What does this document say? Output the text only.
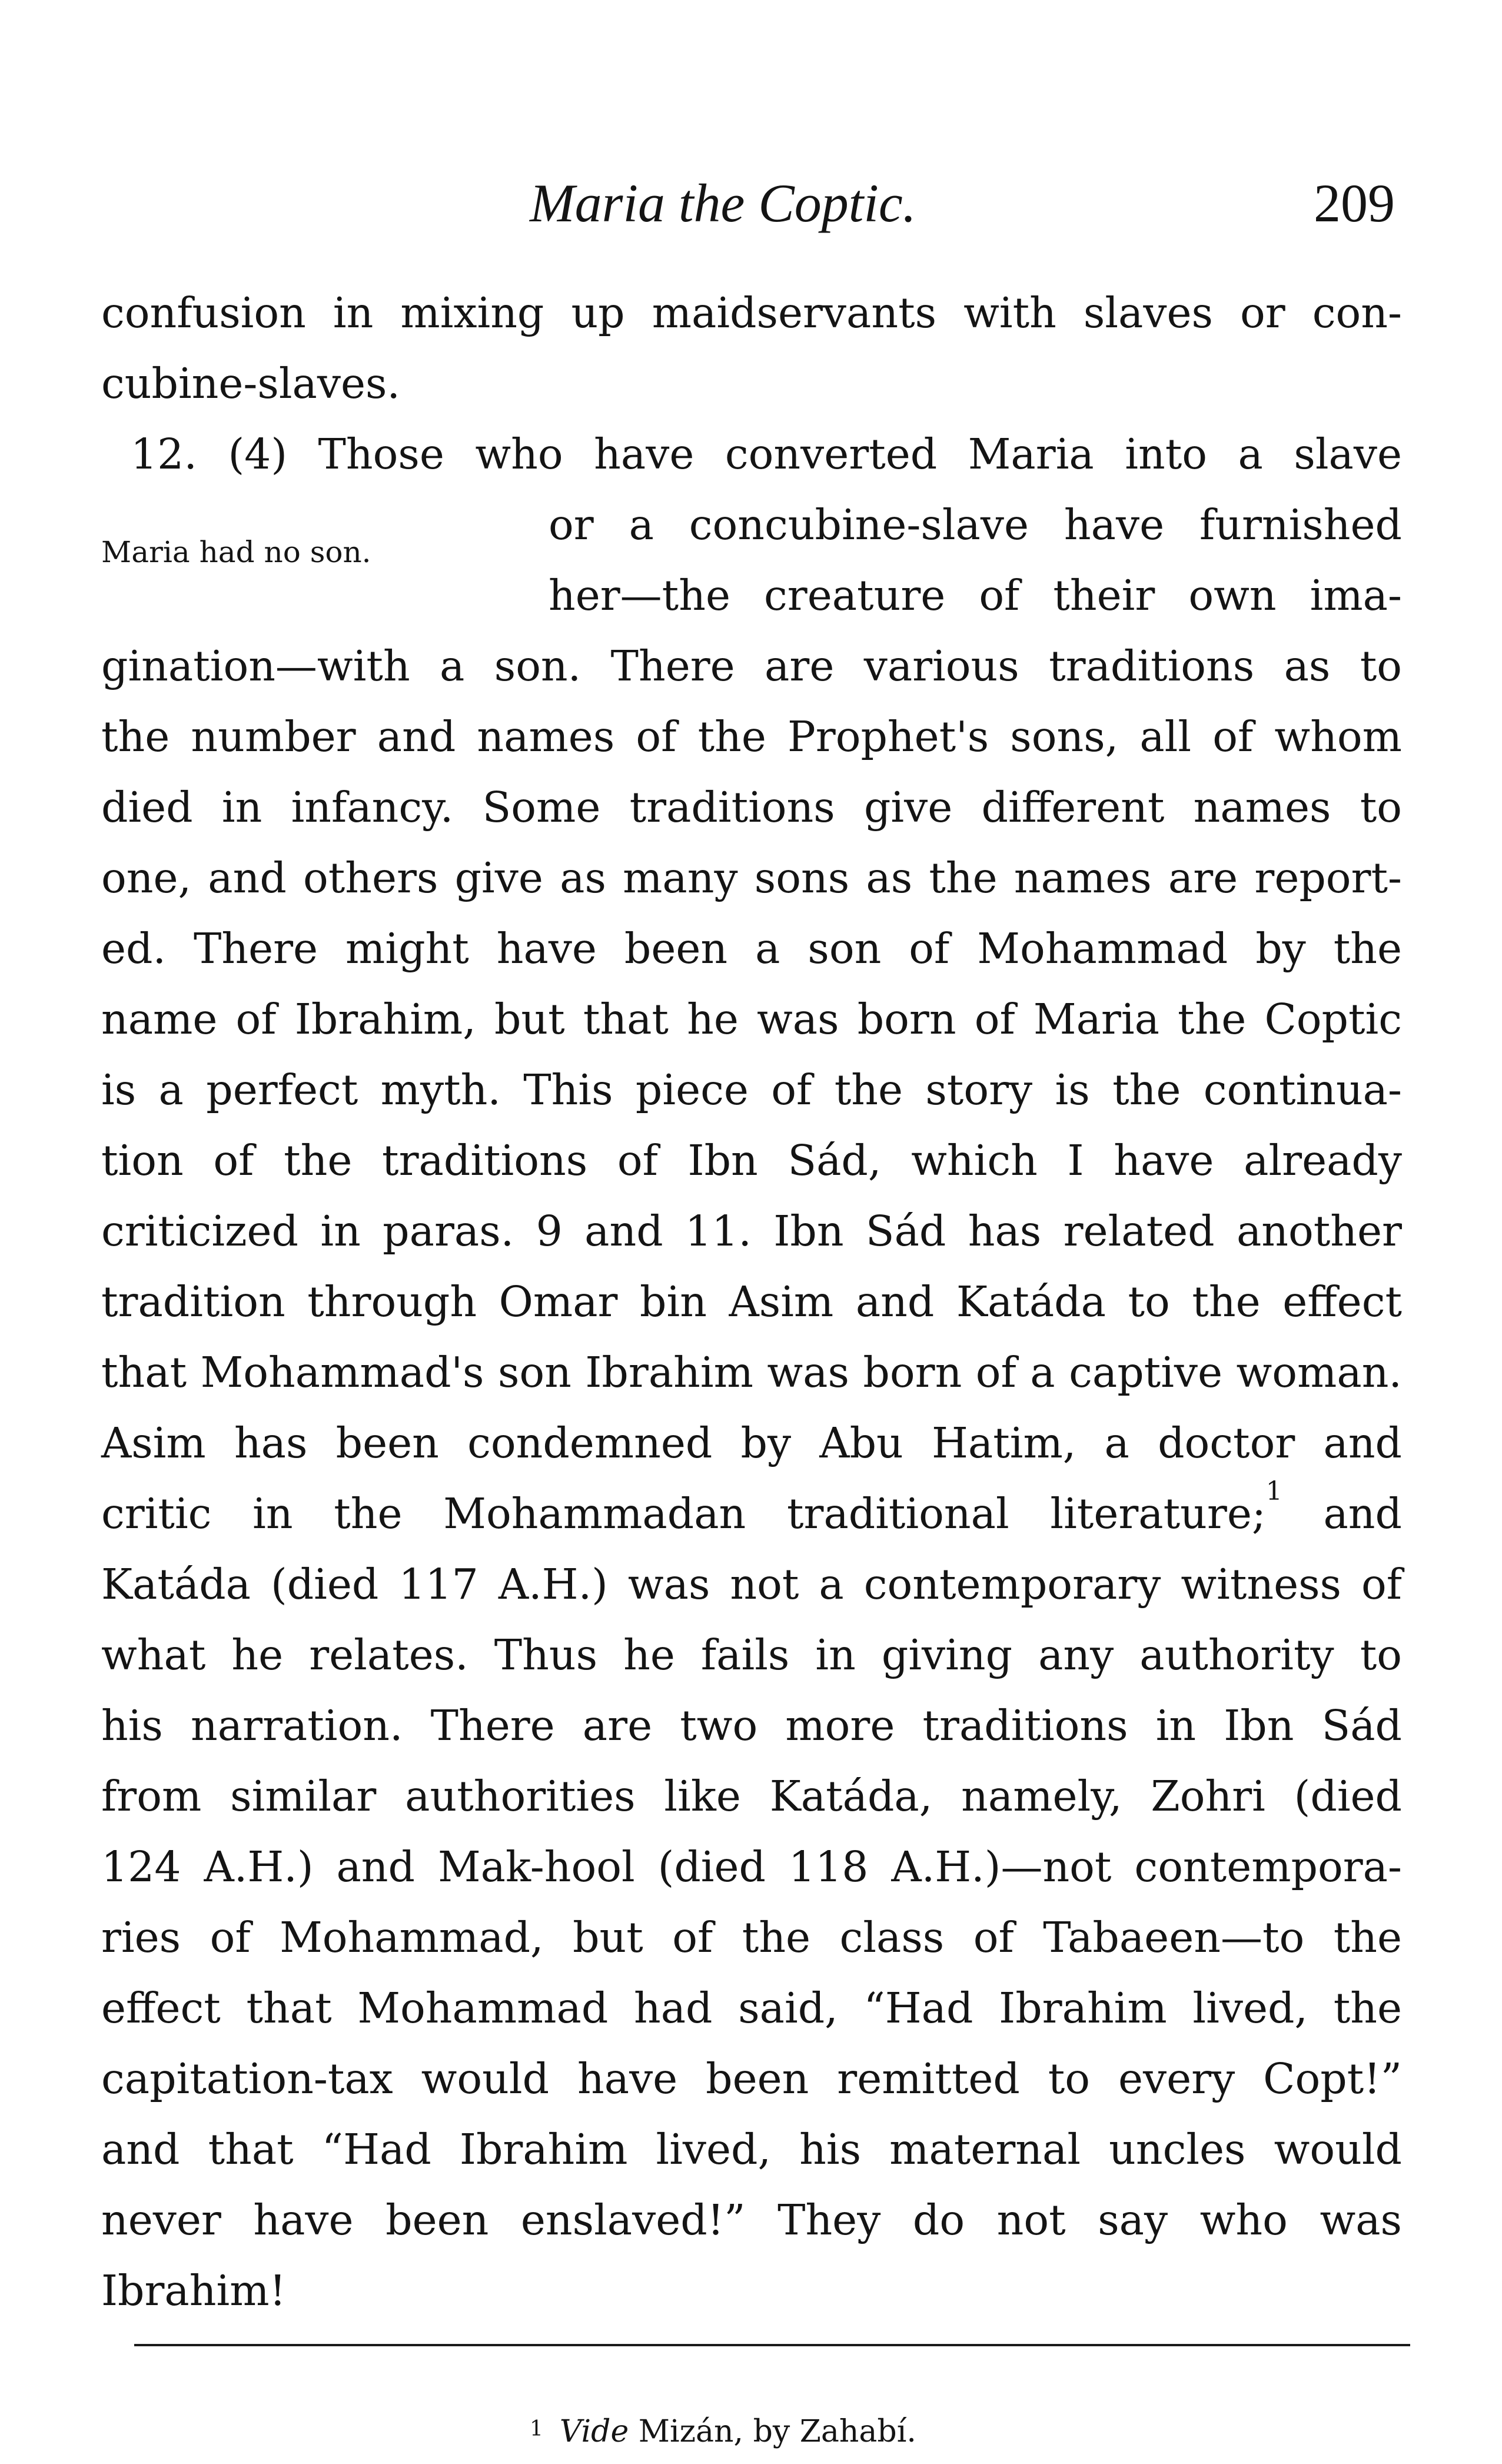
Maria the Coptic.	209
Maria had no son.
confusion in mixing up maidservants with slaves or con-
cubine-slaves.
12. (4) Those who have converted Maria into a slave
or a concubine-slave have furnished
her—the creature of their own ima-
gination—with a son. There are various traditions as to
the number and names of the Prophet's sons, all of whom
died in infancy. Some traditions give different names to
one, and others give as many sons as the names are report-
ed. There might have been a son of Mohammad by the
name of Ibrahim, but that he was born of Maria the Coptic
is a perfect myth. This piece of the story is the continua-
tion of the traditions of Ibn Sád, which I have already
criticized in paras. 9 and 11. Ibn Sád has related another
tradition through Omar bin Asim and Katáda to the effect
that Mohammad's son Ibrahim was born of a captive woman.
Asim has been condemned by Abu Hatim, a doctor and
critic in the Mohammadan traditional literature;$^1$ and
Katáda (died 117 A.H.) was not a contemporary witness of
what he relates. Thus he fails in giving any authority to
his narration. There are two more traditions in Ibn Sád
from similar authorities like Katáda, namely, Zohri (died
124 A.H.) and Mak-hool (died 118 A.H.)—not contempora-
ries of Mohammad, but of the class of Tabaeen—to the
effect that Mohammad had said, “Had Ibrahim lived, the
capitation-tax would have been remitted to every Copt!”
and that “Had Ibrahim lived, his maternal uncles would
never have been enslaved!” They do not say who was
Ibrahim!
$^1$ Vide Mizán, by Zahabí.
